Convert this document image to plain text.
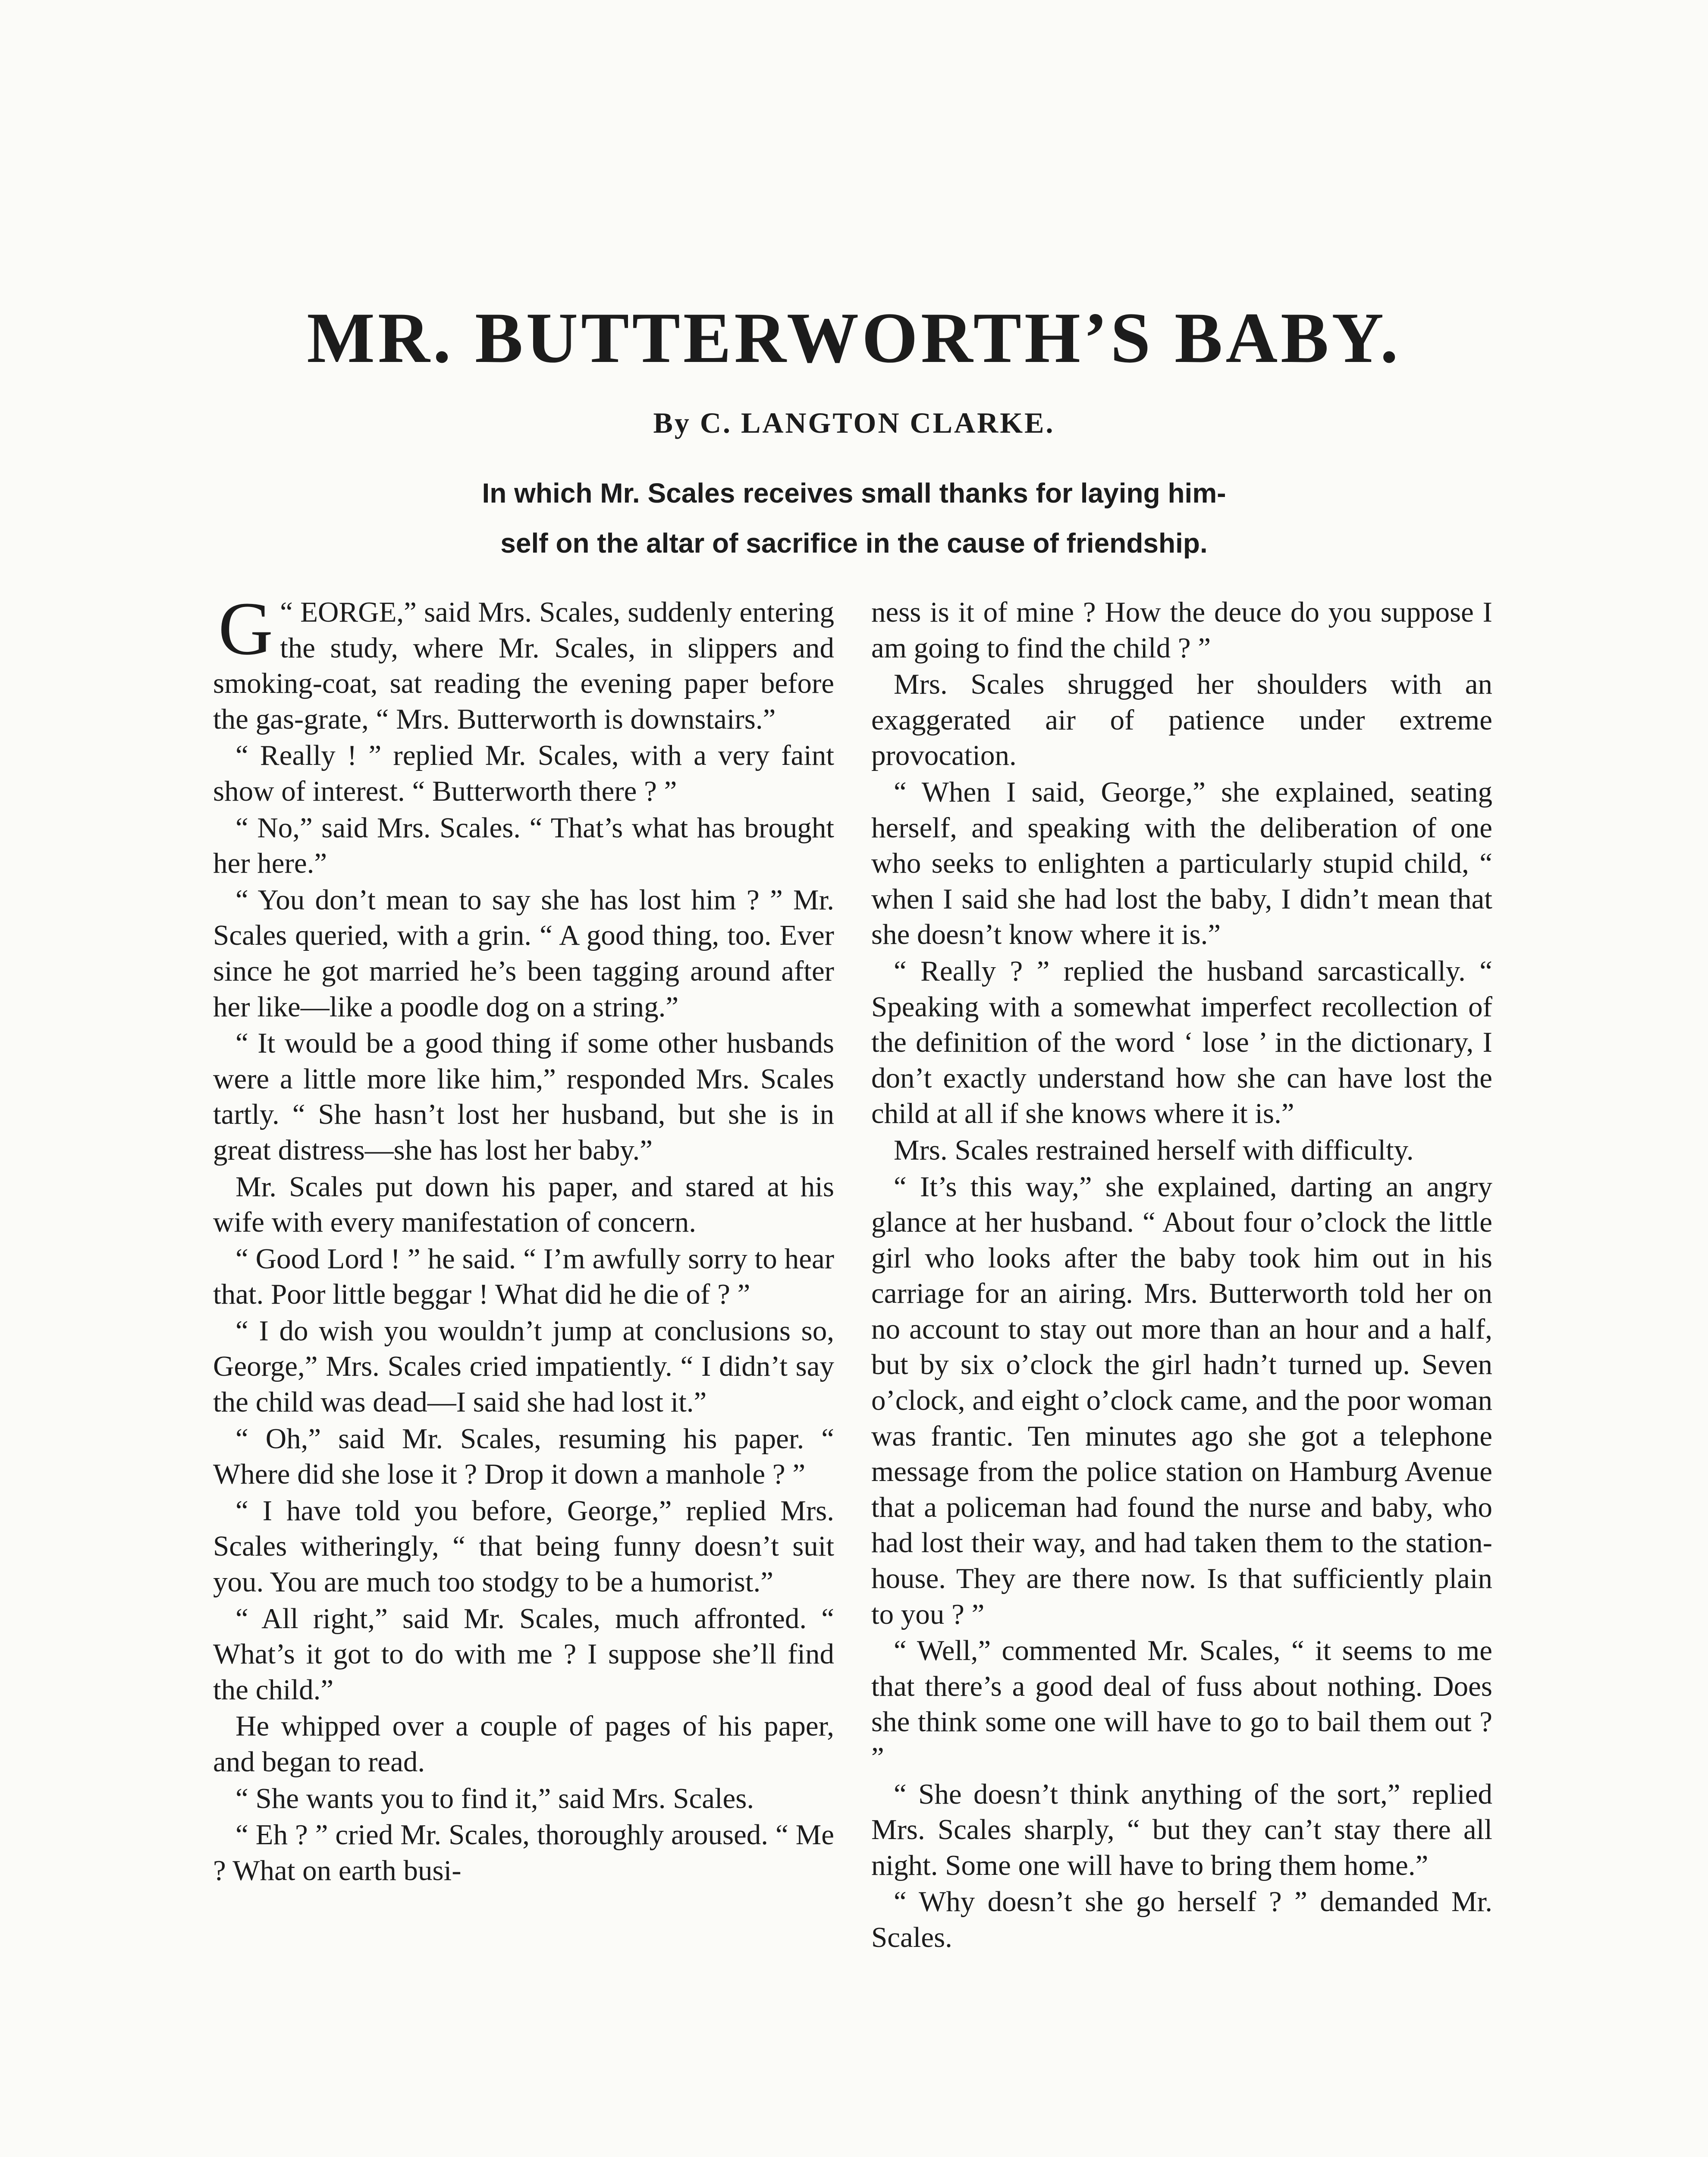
MR. BUTTERWORTH’S BABY.
By C. LANGTON CLARKE.
In which Mr. Scales receives small thanks for laying him-
self on the altar of sacrifice in the cause of friendship.

G “ EORGE,” said Mrs. Scales, suddenly entering the study, where Mr. Scales, in slippers and smoking-coat, sat reading the evening paper before the gas-grate, “ Mrs. Butterworth is downstairs.”

“ Really ! ” replied Mr. Scales, with a very faint show of interest. “ Butterworth there ? ”

“ No,” said Mrs. Scales. “ That’s what has brought her here.”

“ You don’t mean to say she has lost him ? ” Mr. Scales queried, with a grin. “ A good thing, too. Ever since he got married he’s been tagging around after her like—like a poodle dog on a string.”

“ It would be a good thing if some other husbands were a little more like him,” responded Mrs. Scales tartly. “ She hasn’t lost her husband, but she is in great distress—she has lost her baby.”

Mr. Scales put down his paper, and stared at his wife with every manifestation of concern.

“ Good Lord ! ” he said. “ I’m awfully sorry to hear that. Poor little beggar ! What did he die of ? ”

“ I do wish you wouldn’t jump at conclusions so, George,” Mrs. Scales cried impatiently. “ I didn’t say the child was dead—I said she had lost it.”

“ Oh,” said Mr. Scales, resuming his paper. “ Where did she lose it ? Drop it down a manhole ? ”

“ I have told you before, George,” replied Mrs. Scales witheringly, “ that being funny doesn’t suit you. You are much too stodgy to be a humorist.”

“ All right,” said Mr. Scales, much affronted. “ What’s it got to do with me ? I suppose she’ll find the child.”

He whipped over a couple of pages of his paper, and began to read.

“ She wants you to find it,” said Mrs. Scales.

“ Eh ? ” cried Mr. Scales, thoroughly aroused. “ Me ? What on earth busi-

ness is it of mine ? How the deuce do you suppose I am going to find the child ? ”

Mrs. Scales shrugged her shoulders with an exaggerated air of patience under extreme provocation.

“ When I said, George,” she explained, seating herself, and speaking with the deliberation of one who seeks to enlighten a particularly stupid child, “ when I said she had lost the baby, I didn’t mean that she doesn’t know where it is.”

“ Really ? ” replied the husband sarcastically. “ Speaking with a somewhat imperfect recollection of the definition of the word ‘ lose ’ in the dictionary, I don’t exactly understand how she can have lost the child at all if she knows where it is.”

Mrs. Scales restrained herself with difficulty.

“ It’s this way,” she explained, darting an angry glance at her husband. “ About four o’clock the little girl who looks after the baby took him out in his carriage for an airing. Mrs. Butterworth told her on no account to stay out more than an hour and a half, but by six o’clock the girl hadn’t turned up. Seven o’clock, and eight o’clock came, and the poor woman was frantic. Ten minutes ago she got a telephone message from the police station on Hamburg Avenue that a policeman had found the nurse and baby, who had lost their way, and had taken them to the station-house. They are there now. Is that sufficiently plain to you ? ”

“ Well,” commented Mr. Scales, “ it seems to me that there’s a good deal of fuss about nothing. Does she think some one will have to go to bail them out ? ”

“ She doesn’t think anything of the sort,” replied Mrs. Scales sharply, “ but they can’t stay there all night. Some one will have to bring them home.”

“ Why doesn’t she go herself ? ” demanded Mr. Scales.
